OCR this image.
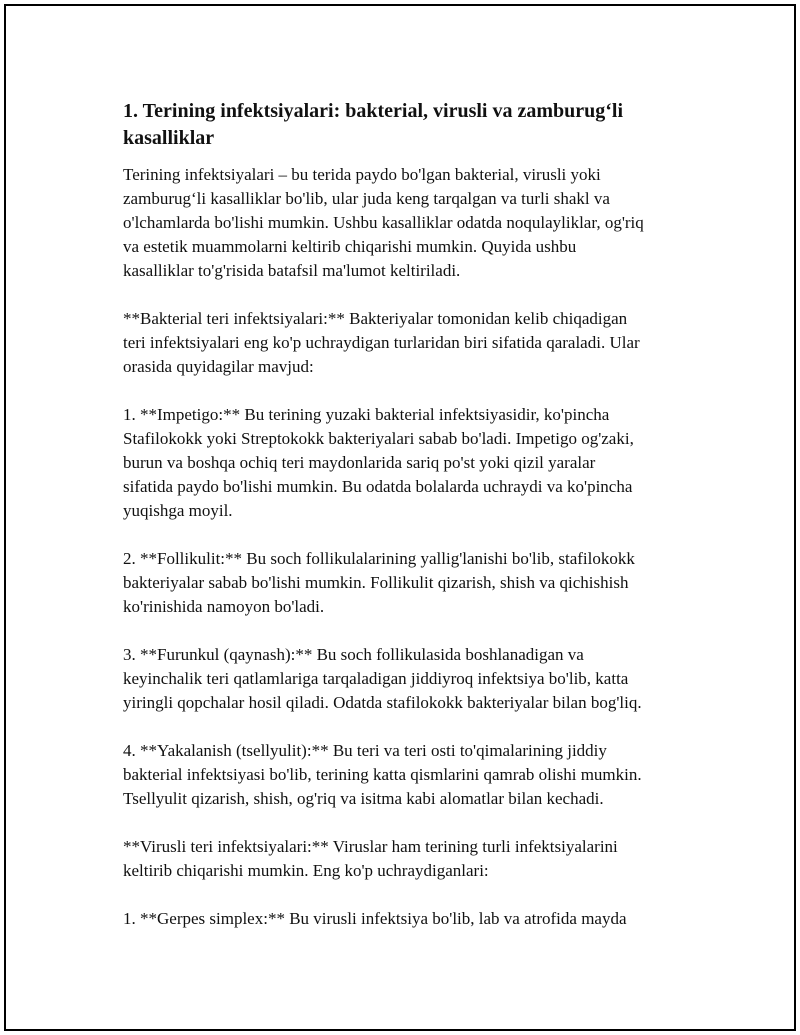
1. Terining infektsiyalari: bakterial, virusli va zamburug‘li kasalliklar

Terining infektsiyalari – bu terida paydo bo'lgan bakterial, virusli yoki
zamburug‘li kasalliklar bo'lib, ular juda keng tarqalgan va turli shakl va
o'lchamlarda bo'lishi mumkin. Ushbu kasalliklar odatda noqulayliklar, og'riq
va estetik muammolarni keltirib chiqarishi mumkin. Quyida ushbu
kasalliklar to'g'risida batafsil ma'lumot keltiriladi.

**Bakterial teri infektsiyalari:** Bakteriyalar tomonidan kelib chiqadigan
teri infektsiyalari eng ko'p uchraydigan turlaridan biri sifatida qaraladi. Ular
orasida quyidagilar mavjud:

1. **Impetigo:** Bu terining yuzaki bakterial infektsiyasidir, ko'pincha
Stafilokokk yoki Streptokokk bakteriyalari sabab bo'ladi. Impetigo og'zaki,
burun va boshqa ochiq teri maydonlarida sariq po'st yoki qizil yaralar
sifatida paydo bo'lishi mumkin. Bu odatda bolalarda uchraydi va ko'pincha
yuqishga moyil.

2. **Follikulit:** Bu soch follikulalarining yallig'lanishi bo'lib, stafilokokk
bakteriyalar sabab bo'lishi mumkin. Follikulit qizarish, shish va qichishish
ko'rinishida namoyon bo'ladi.

3. **Furunkul (qaynash):** Bu soch follikulasida boshlanadigan va
keyinchalik teri qatlamlariga tarqaladigan jiddiyroq infektsiya bo'lib, katta
yiringli qopchalar hosil qiladi. Odatda stafilokokk bakteriyalar bilan bog'liq.

4. **Yakalanish (tsellyulit):** Bu teri va teri osti to'qimalarining jiddiy
bakterial infektsiyasi bo'lib, terining katta qismlarini qamrab olishi mumkin.
Tsellyulit qizarish, shish, og'riq va isitma kabi alomatlar bilan kechadi.

**Virusli teri infektsiyalari:** Viruslar ham terining turli infektsiyalarini
keltirib chiqarishi mumkin. Eng ko'p uchraydiganlari:

1. **Gerpes simplex:** Bu virusli infektsiya bo'lib, lab va atrofida mayda
